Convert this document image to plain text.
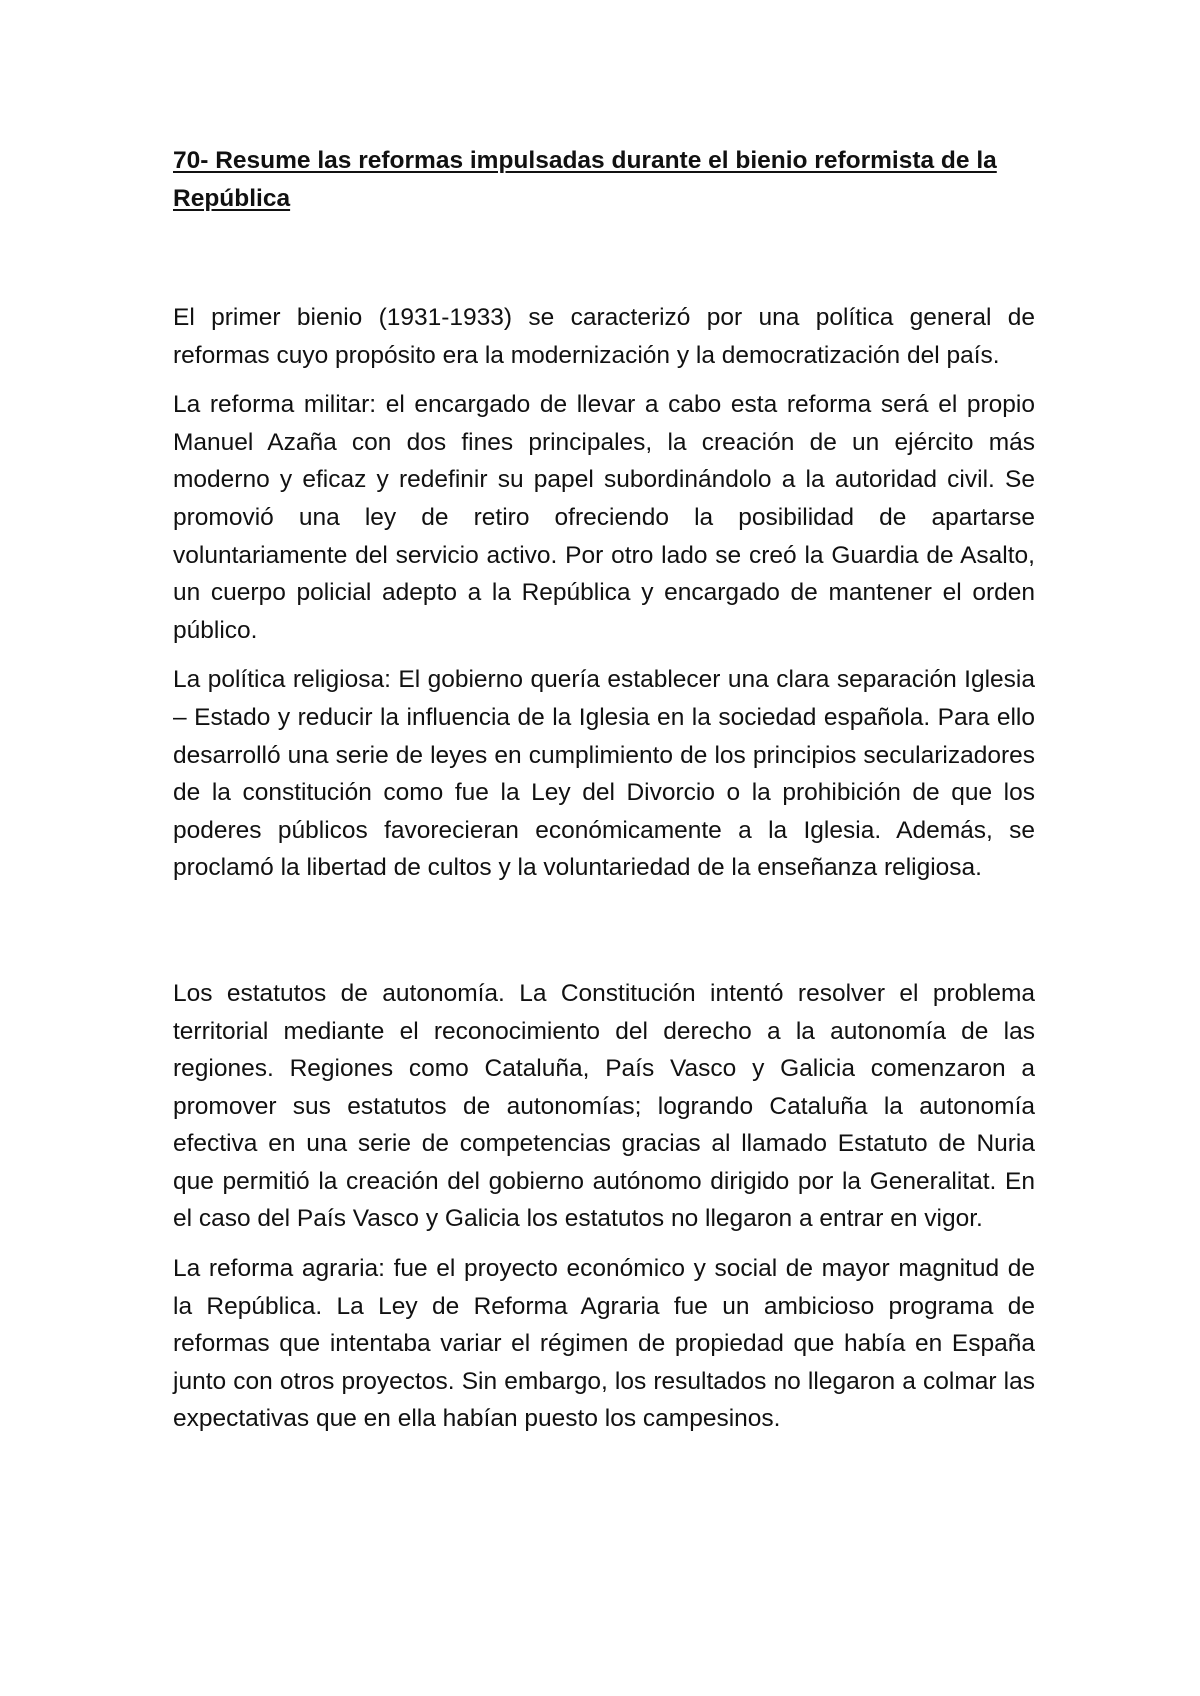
70- Resume las reformas impulsadas durante el bienio reformista de la República

El primer bienio (1931-1933) se caracterizó por una política general de reformas cuyo propósito era la modernización y la democratización del país.

La reforma militar: el encargado de llevar a cabo esta reforma será el propio Manuel Azaña con dos fines principales, la creación de un ejército más moderno y eficaz y redefinir su papel subordinándolo a la autoridad civil. Se promovió una ley de retiro ofreciendo la posibilidad de apartarse voluntariamente del servicio activo. Por otro lado se creó la Guardia de Asalto, un cuerpo policial adepto a la República y encargado de mantener el orden público.

La política religiosa: El gobierno quería establecer una clara separación Iglesia – Estado y reducir la influencia de la Iglesia en la sociedad española. Para ello desarrolló una serie de leyes en cumplimiento de los principios secularizadores de la constitución como fue la Ley del Divorcio o la prohibición de que los poderes públicos favorecieran económicamente a la Iglesia. Además, se proclamó la libertad de cultos y la voluntariedad de la enseñanza religiosa.

Los estatutos de autonomía. La Constitución intentó resolver el problema territorial mediante el reconocimiento del derecho a la autonomía de las regiones. Regiones como Cataluña, País Vasco y Galicia comenzaron a promover sus estatutos de autonomías; logrando Cataluña la autonomía efectiva en una serie de competencias gracias al llamado Estatuto de Nuria que permitió la creación del gobierno autónomo dirigido por la Generalitat. En el caso del País Vasco y Galicia los estatutos no llegaron a entrar en vigor.

La reforma agraria: fue el proyecto económico y social de mayor magnitud de la República. La Ley de Reforma Agraria fue un ambicioso programa de reformas que intentaba variar el régimen de propiedad que había en España junto con otros proyectos. Sin embargo, los resultados no llegaron a colmar las expectativas que en ella habían puesto los campesinos.
